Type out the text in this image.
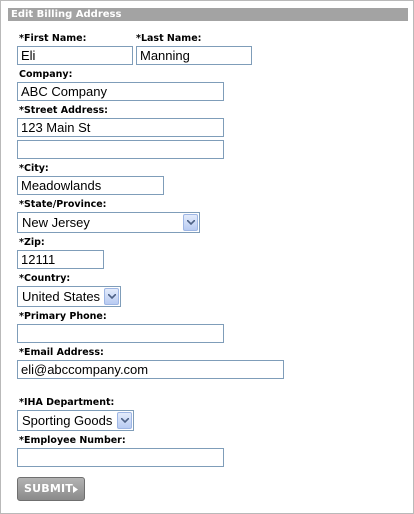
Edit Billing Address
*First Name:	*Last Name:
Eli	Manning
Company:
ABC Company
*Street Address:
123 Main St
*City:
Meadowlands
*State/Province:
New Jersey
*Zip:
12111
*Country:
United States
*Primary Phone:
*Email Address:
eli@abccompany.com
*IHA Department:
Sporting Goods
*Employee Number:
SUBMIT
